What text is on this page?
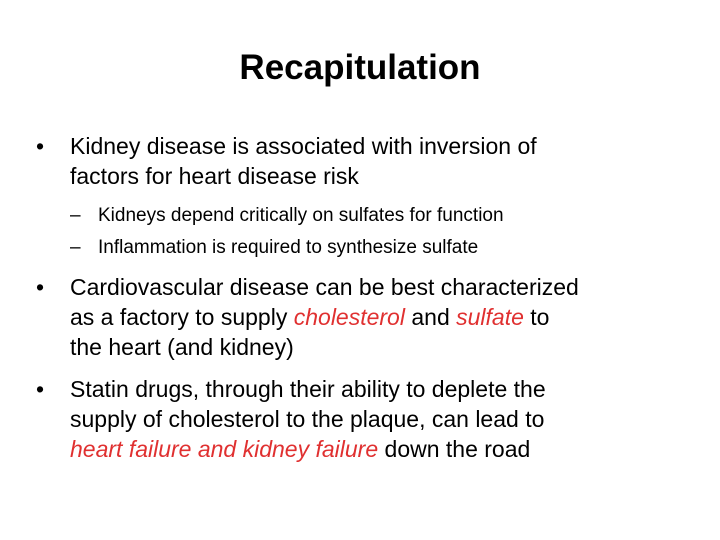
Recapitulation
•	Kidney disease is associated with inversion of
factors for heart disease risk
– Kidneys depend critically on sulfates for function
– Inflammation is required to synthesize sulfate
•	Cardiovascular disease can be best characterized
as a factory to supply cholesterol and sulfate to
the heart (and kidney)
•	Statin drugs, through their ability to deplete the
supply of cholesterol to the plaque, can lead to
heart failure and kidney failure down the road
